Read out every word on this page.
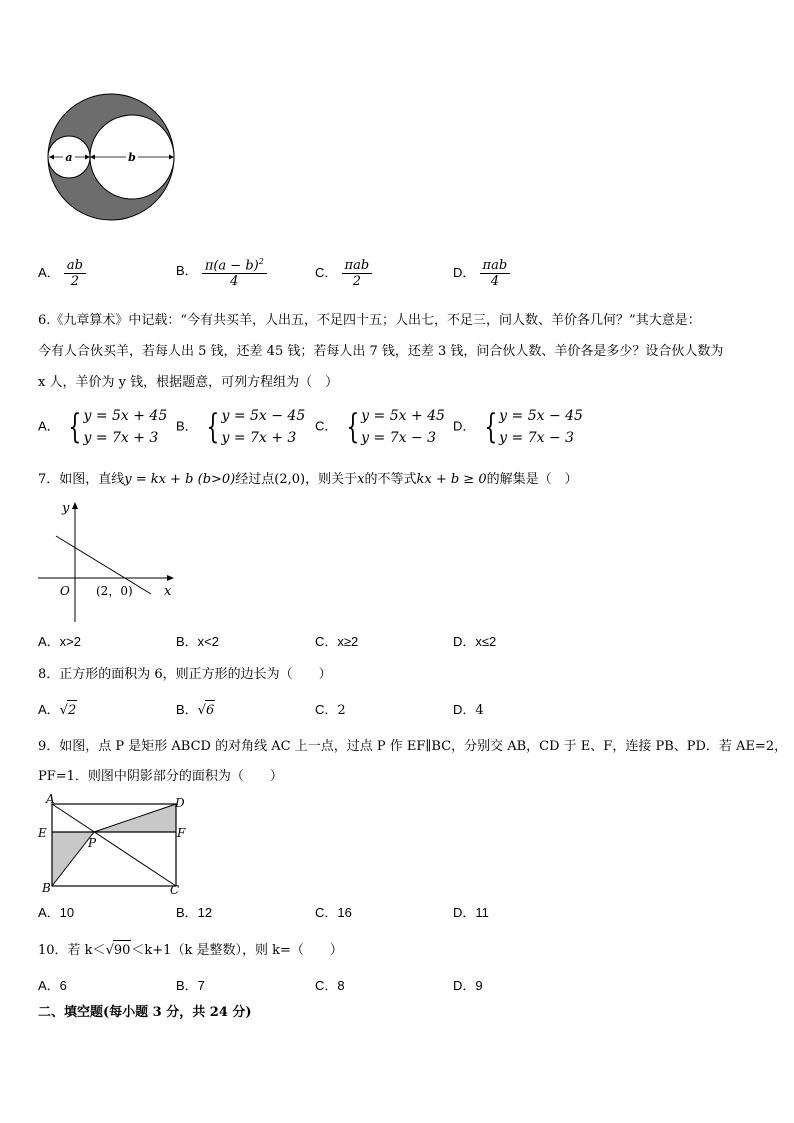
a	b
A． $\frac{ab}{2}$	B． $\frac{\pi(a - b)^2}{4}$	C． $\frac{\text{πab}}{2}$	D． $\frac{\text{πab}}{4}$
6.《九章算术》中记载：“今有共买羊，人出五，不足四十五；人出七，不足三，问人数、羊价各几何？”其大意是：
今有人合伙买羊，若每人出 5 钱，还差 45 钱；若每人出 7 钱，还差 3 钱，问合伙人数、羊价各是多少？设合伙人数为
x 人，羊价为 y 钱，根据题意，可列方程组为（　）
A． { y = 5x + 45
y = 7x + 3
B． { y = 5x − 45
y = 7x + 3
C． { y = 5x + 45
y = 7x − 3
D． { y = 5x − 45
y = 7x − 3
7．如图，直线y = kx + b (b>0)经过点(2,0)，则关于x的不等式kx + b ≥ 0的解集是（　）
y
x
O (2，0)
A．x>2	B．x<2	C．x≥2	D．x≤2
8．正方形的面积为 6，则正方形的边长为（　　）
A．√2	B．√6	C．2	D．4
9．如图，点 P 是矩形 ABCD 的对角线 AC 上一点，过点 P 作 EF∥BC，分别交 AB，CD 于 E、F，连接 PB、PD．若 AE=2，
PF=1．则图中阴影部分的面积为（　　）
A	D
E	F
P
B	C
A．10	B．12	C．16	D．11
10．若 k＜√90＜k+1（k 是整数），则 k=（　　）
A．6	B．7	C．8	D．9
二、填空题(每小题 3 分，共 24 分)
